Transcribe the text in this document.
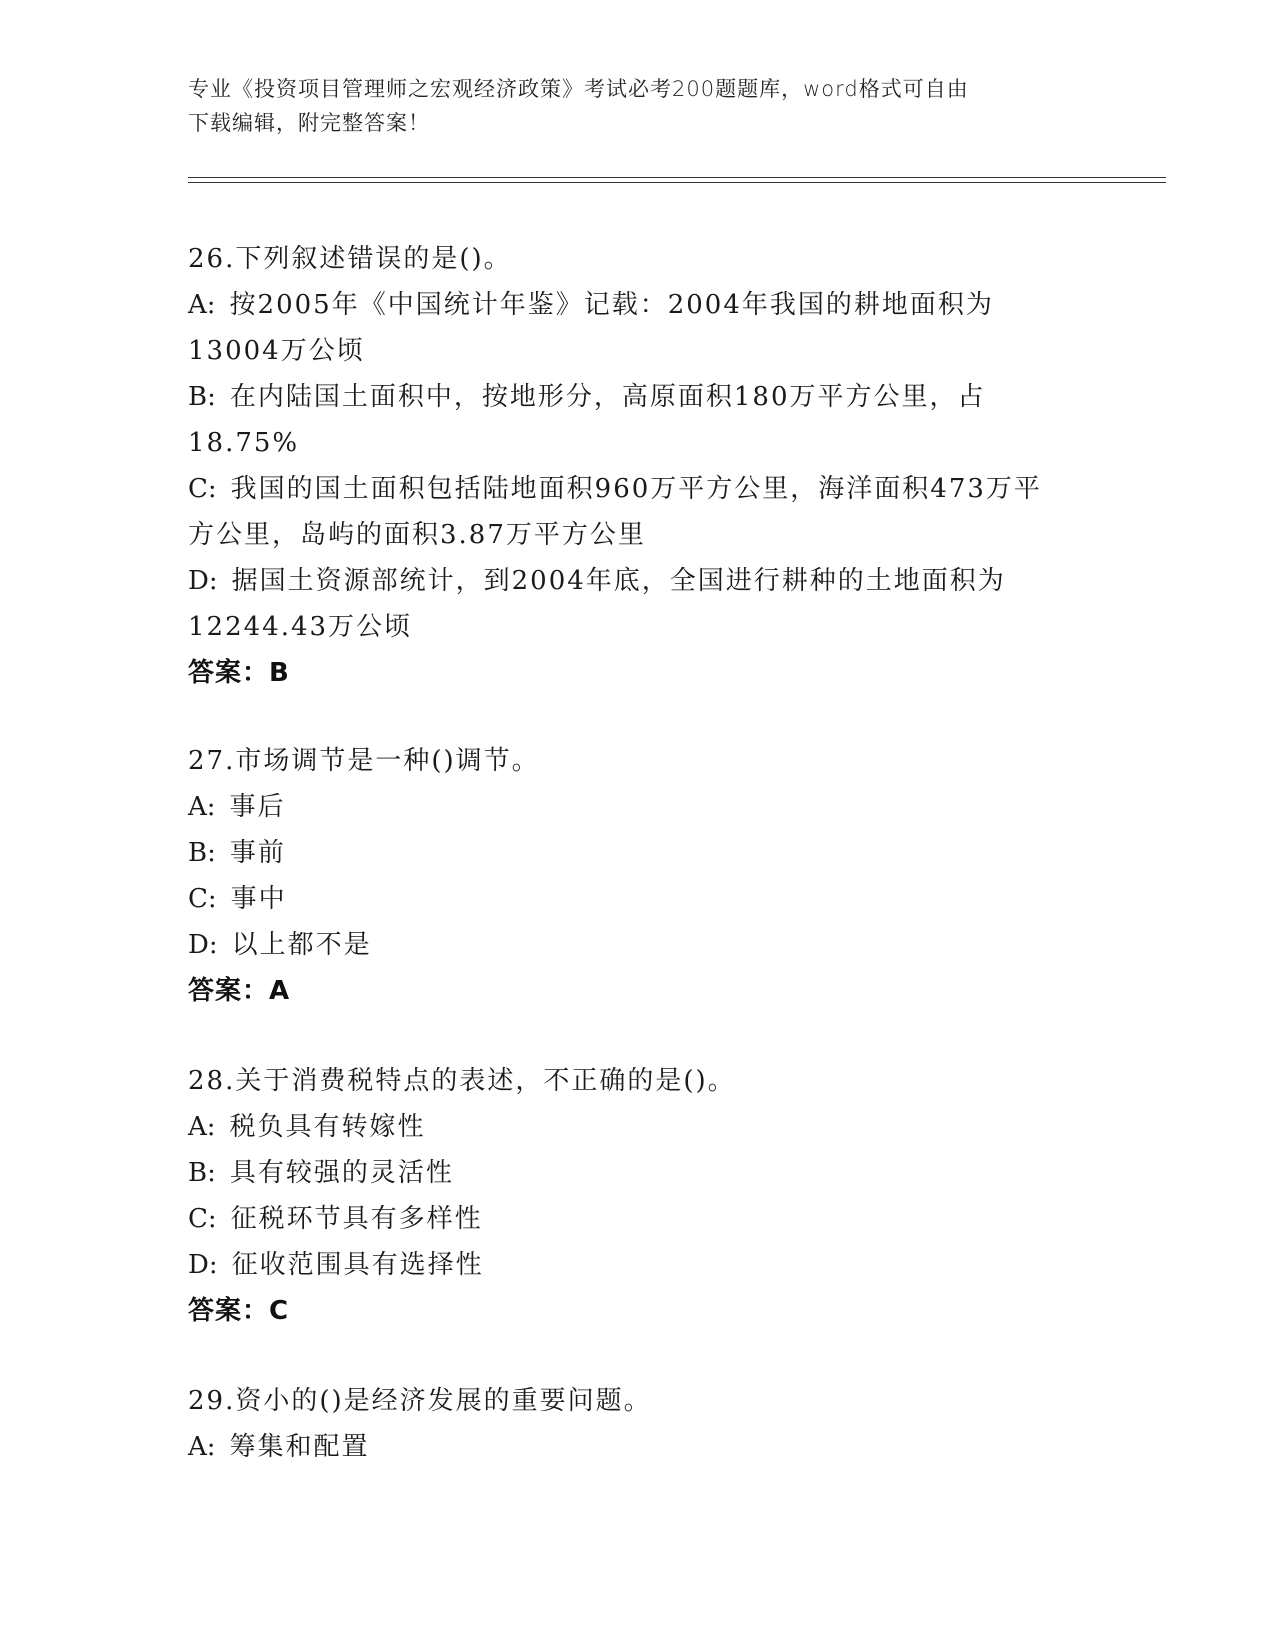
专业《投资项目管理师之宏观经济政策》考试必考200题题库，word格式可自由
下载编辑，附完整答案！
26.下列叙述错误的是()。
A: 按2005年《中国统计年鉴》记载：2004年我国的耕地面积为
13004万公顷
B: 在内陆国土面积中，按地形分，高原面积180万平方公里，占
18.75%
C: 我国的国土面积包括陆地面积960万平方公里，海洋面积473万平
方公里，岛屿的面积3.87万平方公里
D: 据国土资源部统计，到2004年底，全国进行耕种的土地面积为
12244.43万公顷
答案：B
27.市场调节是一种()调节。
A: 事后
B: 事前
C: 事中
D: 以上都不是
答案：A
28.关于消费税特点的表述，不正确的是()。
A: 税负具有转嫁性
B: 具有较强的灵活性
C: 征税环节具有多样性
D: 征收范围具有选择性
答案：C
29.资小的()是经济发展的重要问题。
A: 筹集和配置
